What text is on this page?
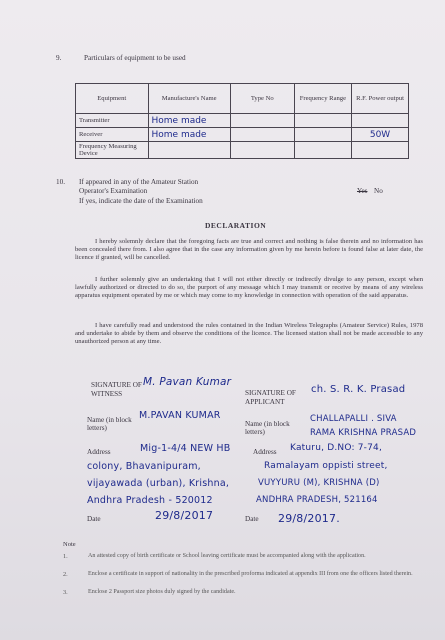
9.	Particulars of equipment to be used
Equipment	Manufacture's Name	Type No	Frequency Range	R.F. Power output
Transmitter	Home made			
Receiver	Home made			50W
Frequency Measuring Device				
10. If appeared in any of the Amateur Station
Operator's Examination	Yes No
If yes, indicate the date of the Examination
DECLARATION
I hereby solemnly declare that the foregoing facts are true and correct and nothing is false therein and no information has been concealed there from. I also agree that in the case any information given by me herein before is found false at later date, the licence if granted, will be cancelled.
I further solemnly give an undertaking that I will not either directly or indirectly divulge to any person, except when lawfully authorized or directed to do so, the purport of any message which I may transmit or receive by means of any wireless apparatus equipment operated by me or which may come to my knowledge in connection with operation of the said apparatus.
I have carefully read and understood the rules contained in the Indian Wireless Telegraphs (Amateur Service) Rules, 1978 and undertake to abide by them and observe the conditions of the licence. The licensed station shall not be made accessible to any unauthorized person at any time.
SIGNATURE OF WITNESS
M. Pavan Kumar
SIGNATURE OF APPLICANT
ch. S. R. K. Prasad
Name (in block letters)
M.PAVAN KUMAR
Name (in block letters)
CHALLAPALLI . SIVA
RAMA KRISHNA PRASAD
Address	Mig-1-4/4 NEW HB
colony, Bhavanipuram,
vijayawada (urban), Krishna,
Andhra Pradesh - 520012
Address Katuru, D.NO: 7-74,
Ramalayam oppisti street,
VUYYURU (M), KRISHNA (D)
ANDHRA PRADESH, 521164
Date	29/8/2017	Date 29/8/2017.
Note
1.	An attested copy of birth certificate or School leaving certificate must be accompanied along with the application.
2.	Enclose a certificate in support of nationality in the prescribed proforma indicated at appendix III from one the officers listed therein.
3.	Enclose 2 Passport size photos duly signed by the candidate.
